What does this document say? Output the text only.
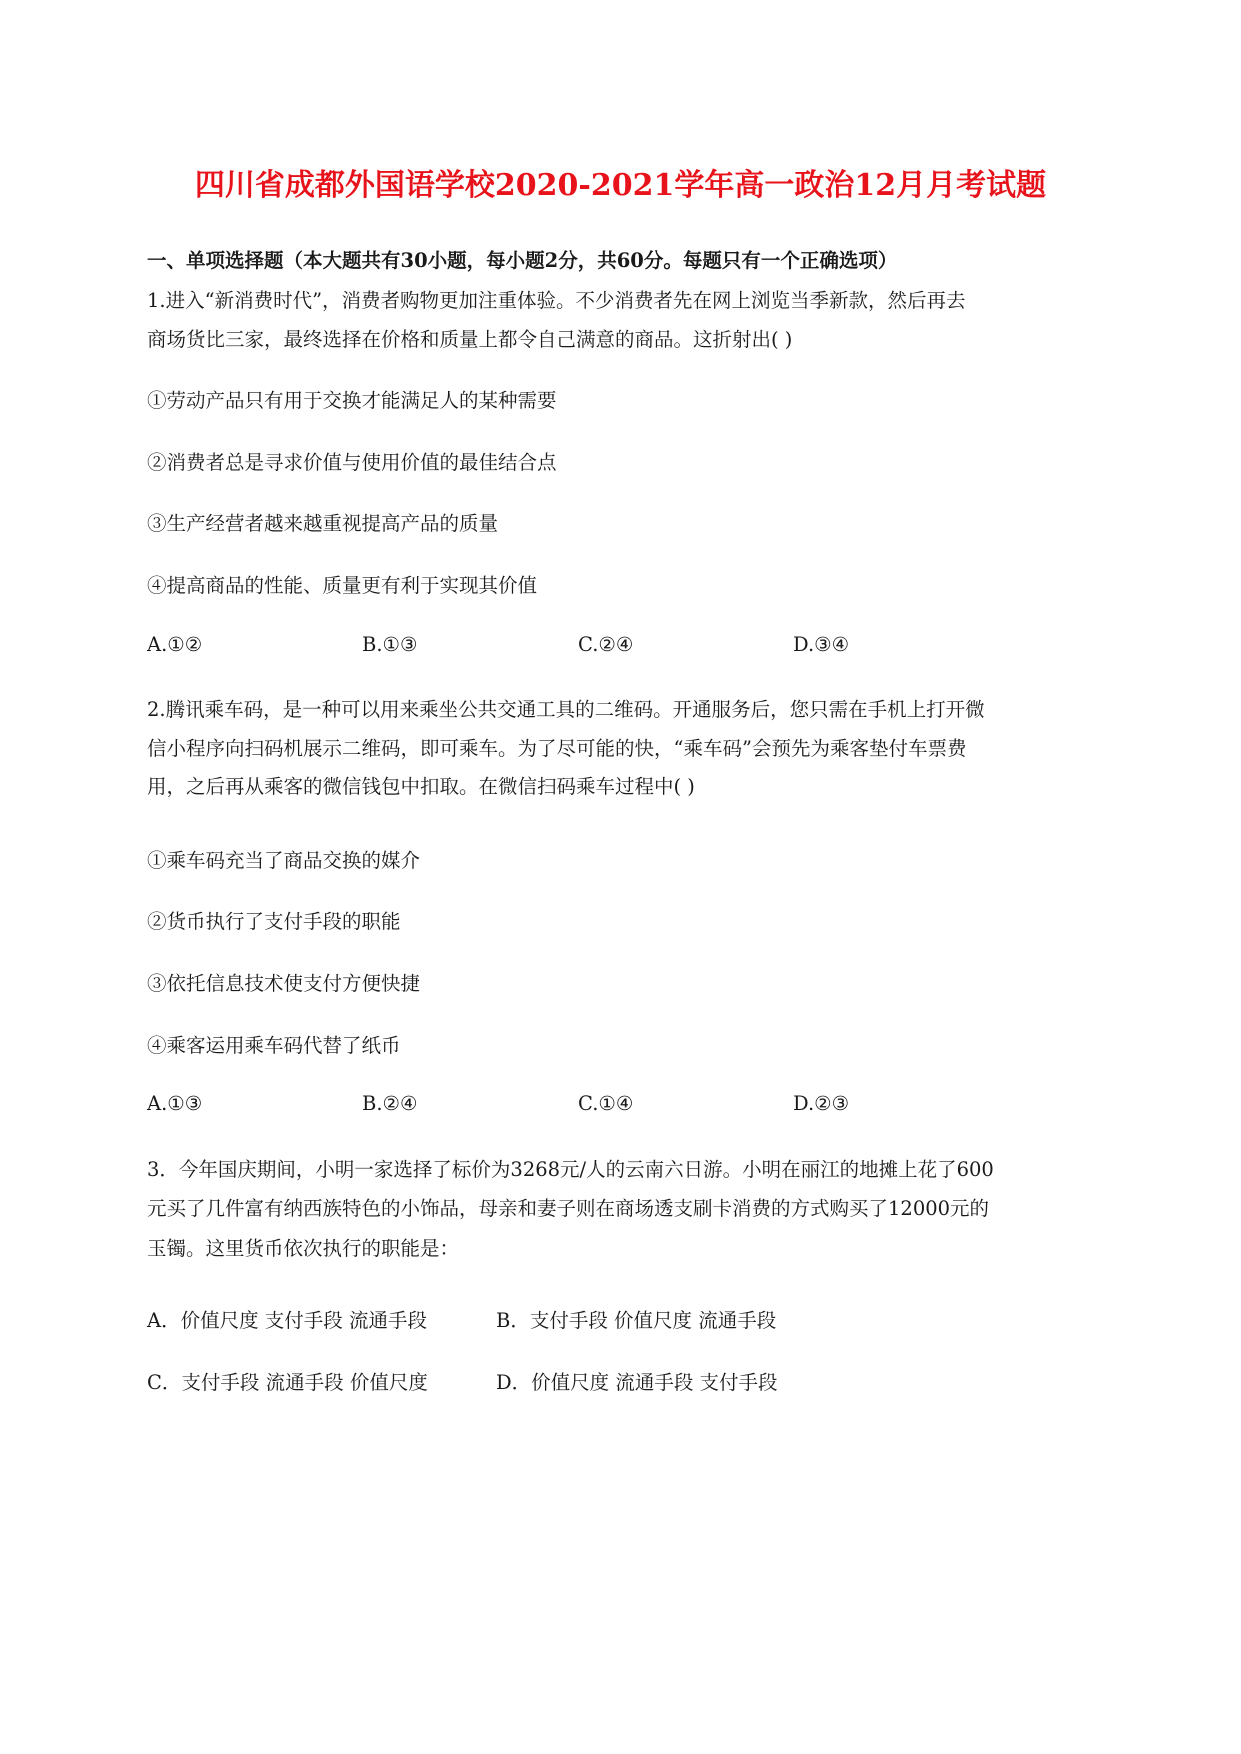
四川省成都外国语学校2020-2021学年高一政治12月月考试题

一、单项选择题（本大题共有30小题，每小题2分，共60分。每题只有一个正确选项）

1.进入“新消费时代”，消费者购物更加注重体验。不少消费者先在网上浏览当季新款，然后再去

商场货比三家，最终选择在价格和质量上都令自己满意的商品。这折射出( )

①劳动产品只有用于交换才能满足人的某种需要

②消费者总是寻求价值与使用价值的最佳结合点

③生产经营者越来越重视提高产品的质量

④提高商品的性能、质量更有利于实现其价值

A.①②	B.①③	C.②④	D.③④

2.腾讯乘车码，是一种可以用来乘坐公共交通工具的二维码。开通服务后，您只需在手机上打开微

信小程序向扫码机展示二维码，即可乘车。为了尽可能的快，“乘车码”会预先为乘客垫付车票费

用，之后再从乘客的微信钱包中扣取。在微信扫码乘车过程中( )

①乘车码充当了商品交换的媒介

②货币执行了支付手段的职能

③依托信息技术使支付方便快捷

④乘客运用乘车码代替了纸币

A.①③	B.②④	C.①④	D.②③

3．今年国庆期间，小明一家选择了标价为3268元/人的云南六日游。小明在丽江的地摊上花了600

元买了几件富有纳西族特色的小饰品，母亲和妻子则在商场透支刷卡消费的方式购买了12000元的

玉镯。这里货币依次执行的职能是：

A．价值尺度 支付手段 流通手段	B．支付手段 价值尺度 流通手段

C．支付手段 流通手段 价值尺度	D．价值尺度 流通手段 支付手段
